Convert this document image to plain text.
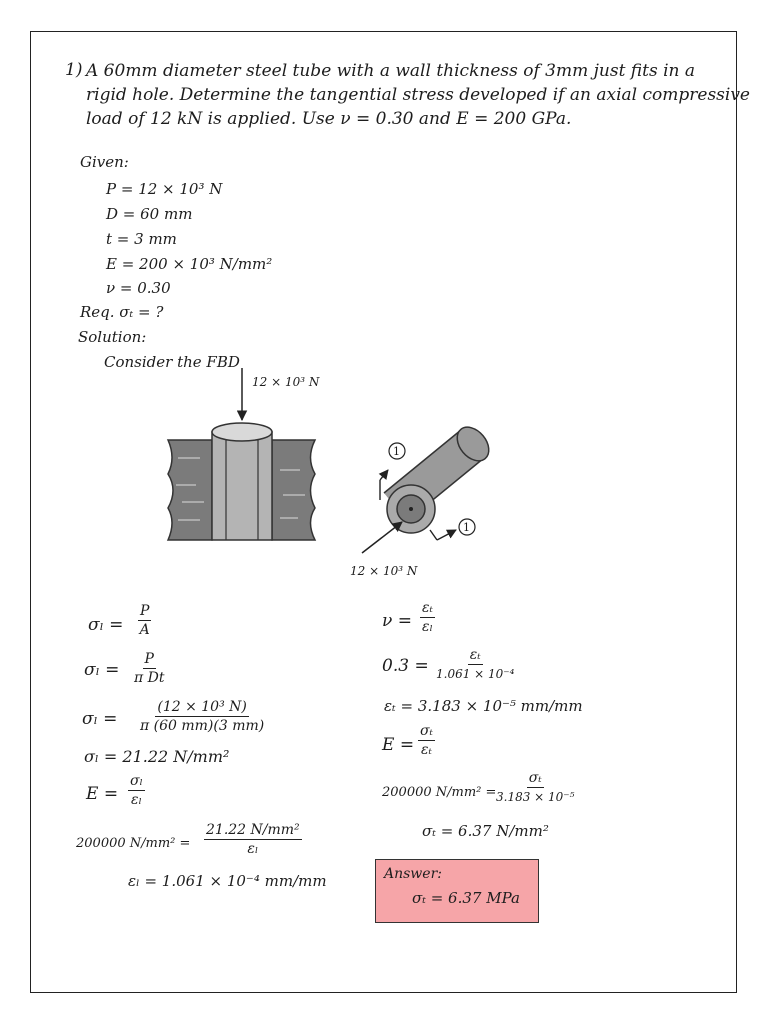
1) A 60mm diameter steel tube with a wall thickness of 3mm just fits in a
rigid hole. Determine the tangential stress developed if an axial compressive
load of 12 kN is applied. Use ν = 0.30 and E = 200 GPa.
Given:
P = 12 × 10³ N
D = 60 mm
t = 3 mm
E = 200 × 10³ N/mm²
ν = 0.30
Req. σₜ = ?
Solution:
Consider the FBD
12 × 10³ N
1
1
12 × 10³ N
$\sigma_l = \frac{P}{A}$
$\sigma_l = \frac{P}{\text{π Dt}}$
$\sigma_l = \frac{\text{(12 × 10³ N)}}{\pi (60 mm)(3 mm)}$
σₗ = 21.22 N/mm²
$E = \frac{\text{σₗ}}{\text{εₗ}}$
200000 $N/mm^2 = \frac{\text{21.22 N/mm²}}{\text{εₗ}}$
εₗ = 1.061 × 10⁻⁴ mm/mm
$\nu = \frac{\text{εₜ}}{\text{εₗ}}$
$0.3 = \frac{\text{εₜ}}{\text{1.061 × 10⁻⁴}}$
εₜ = 3.183 × 10⁻⁵ mm/mm
$E = \frac{\text{σₜ}}{\text{εₜ}}$
200000 $N/mm^2 = \frac{\text{σₜ}}{\text{3.183 × 10⁻⁵}}$
σₜ = 6.37 N/mm²
Answer:
σₜ = 6.37 MPa
